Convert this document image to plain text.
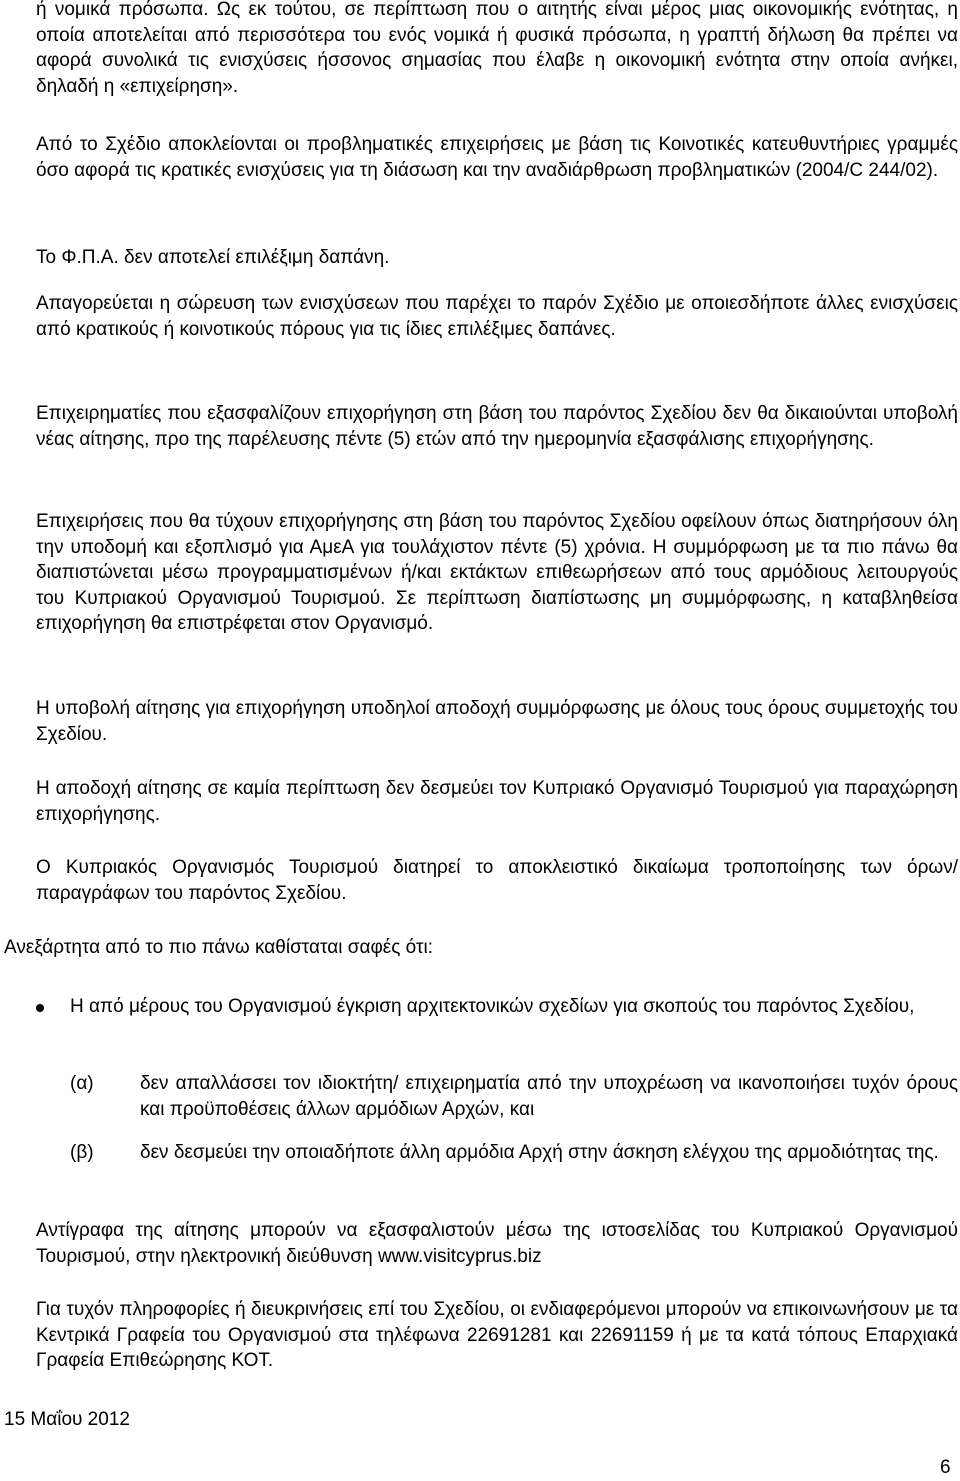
ή νομικά πρόσωπα. Ως εκ τούτου, σε περίπτωση που ο αιτητής είναι μέρος μιας οικονομικής ενότητας, η οποία αποτελείται από περισσότερα του ενός νομικά ή φυσικά πρόσωπα, η γραπτή δήλωση θα πρέπει να αφορά συνολικά τις ενισχύσεις ήσσονος σημασίας που έλαβε η οικονομική ενότητα στην οποία ανήκει, δηλαδή η «επιχείρηση».

Από το Σχέδιο αποκλείονται οι προβληματικές επιχειρήσεις με βάση τις Κοινοτικές κατευθυντήριες γραμμές όσο αφορά τις κρατικές ενισχύσεις για τη διάσωση και την αναδιάρθρωση προβληματικών (2004/C 244/02).

Το Φ.Π.Α. δεν αποτελεί επιλέξιμη δαπάνη.

Απαγορεύεται η σώρευση των ενισχύσεων που παρέχει το παρόν Σχέδιο με οποιεσδήποτε άλλες ενισχύσεις από κρατικούς ή κοινοτικούς πόρους για τις ίδιες επιλέξιμες δαπάνες.

Επιχειρηματίες που εξασφαλίζουν επιχορήγηση στη βάση του παρόντος Σχεδίου δεν θα δικαιούνται υποβολή νέας αίτησης, προ της παρέλευσης πέντε (5) ετών από την ημερομηνία εξασφάλισης επιχορήγησης.

Επιχειρήσεις που θα τύχουν επιχορήγησης στη βάση του παρόντος Σχεδίου οφείλουν όπως διατηρήσουν όλη την υποδομή και εξοπλισμό για ΑμεΑ για τουλάχιστον πέντε (5) χρόνια. Η συμμόρφωση με τα πιο πάνω θα διαπιστώνεται μέσω προγραμματισμένων ή/και εκτάκτων επιθεωρήσεων από τους αρμόδιους λειτουργούς του Κυπριακού Οργανισμού Τουρισμού. Σε περίπτωση διαπίστωσης μη συμμόρφωσης, η καταβληθείσα επιχορήγηση θα επιστρέφεται στον Οργανισμό.

Η υποβολή αίτησης για επιχορήγηση υποδηλοί αποδοχή συμμόρφωσης με όλους τους όρους συμμετοχής του Σχεδίου.

Η αποδοχή αίτησης σε καμία περίπτωση δεν δεσμεύει τον Κυπριακό Οργανισμό Τουρισμού για παραχώρηση επιχορήγησης.

Ο Κυπριακός Οργανισμός Τουρισμού διατηρεί το αποκλειστικό δικαίωμα τροποποίησης των όρων/παραγράφων του παρόντος Σχεδίου.

Ανεξάρτητα από το πιο πάνω καθίσταται σαφές ότι:

Η από μέρους του Οργανισμού έγκριση αρχιτεκτονικών σχεδίων για σκοπούς του παρόντος Σχεδίου,

(α) δεν απαλλάσσει τον ιδιοκτήτη/ επιχειρηματία από την υποχρέωση να ικανοποιήσει τυχόν όρους και προϋποθέσεις άλλων αρμόδιων Αρχών, και

(β) δεν δεσμεύει την οποιαδήποτε άλλη αρμόδια Αρχή στην άσκηση ελέγχου της αρμοδιότητας της.

Αντίγραφα της αίτησης μπορούν να εξασφαλιστούν μέσω της ιστοσελίδας του Κυπριακού Οργανισμού Τουρισμού, στην ηλεκτρονική διεύθυνση www.visitcyprus.biz

Για τυχόν πληροφορίες ή διευκρινήσεις επί του Σχεδίου, οι ενδιαφερόμενοι μπορούν να επικοινωνήσουν με τα Κεντρικά Γραφεία του Οργανισμού στα τηλέφωνα 22691281 και 22691159 ή με τα κατά τόπους Επαρχιακά Γραφεία Επιθεώρησης ΚΟΤ.

15 Μαΐου 2012

6
